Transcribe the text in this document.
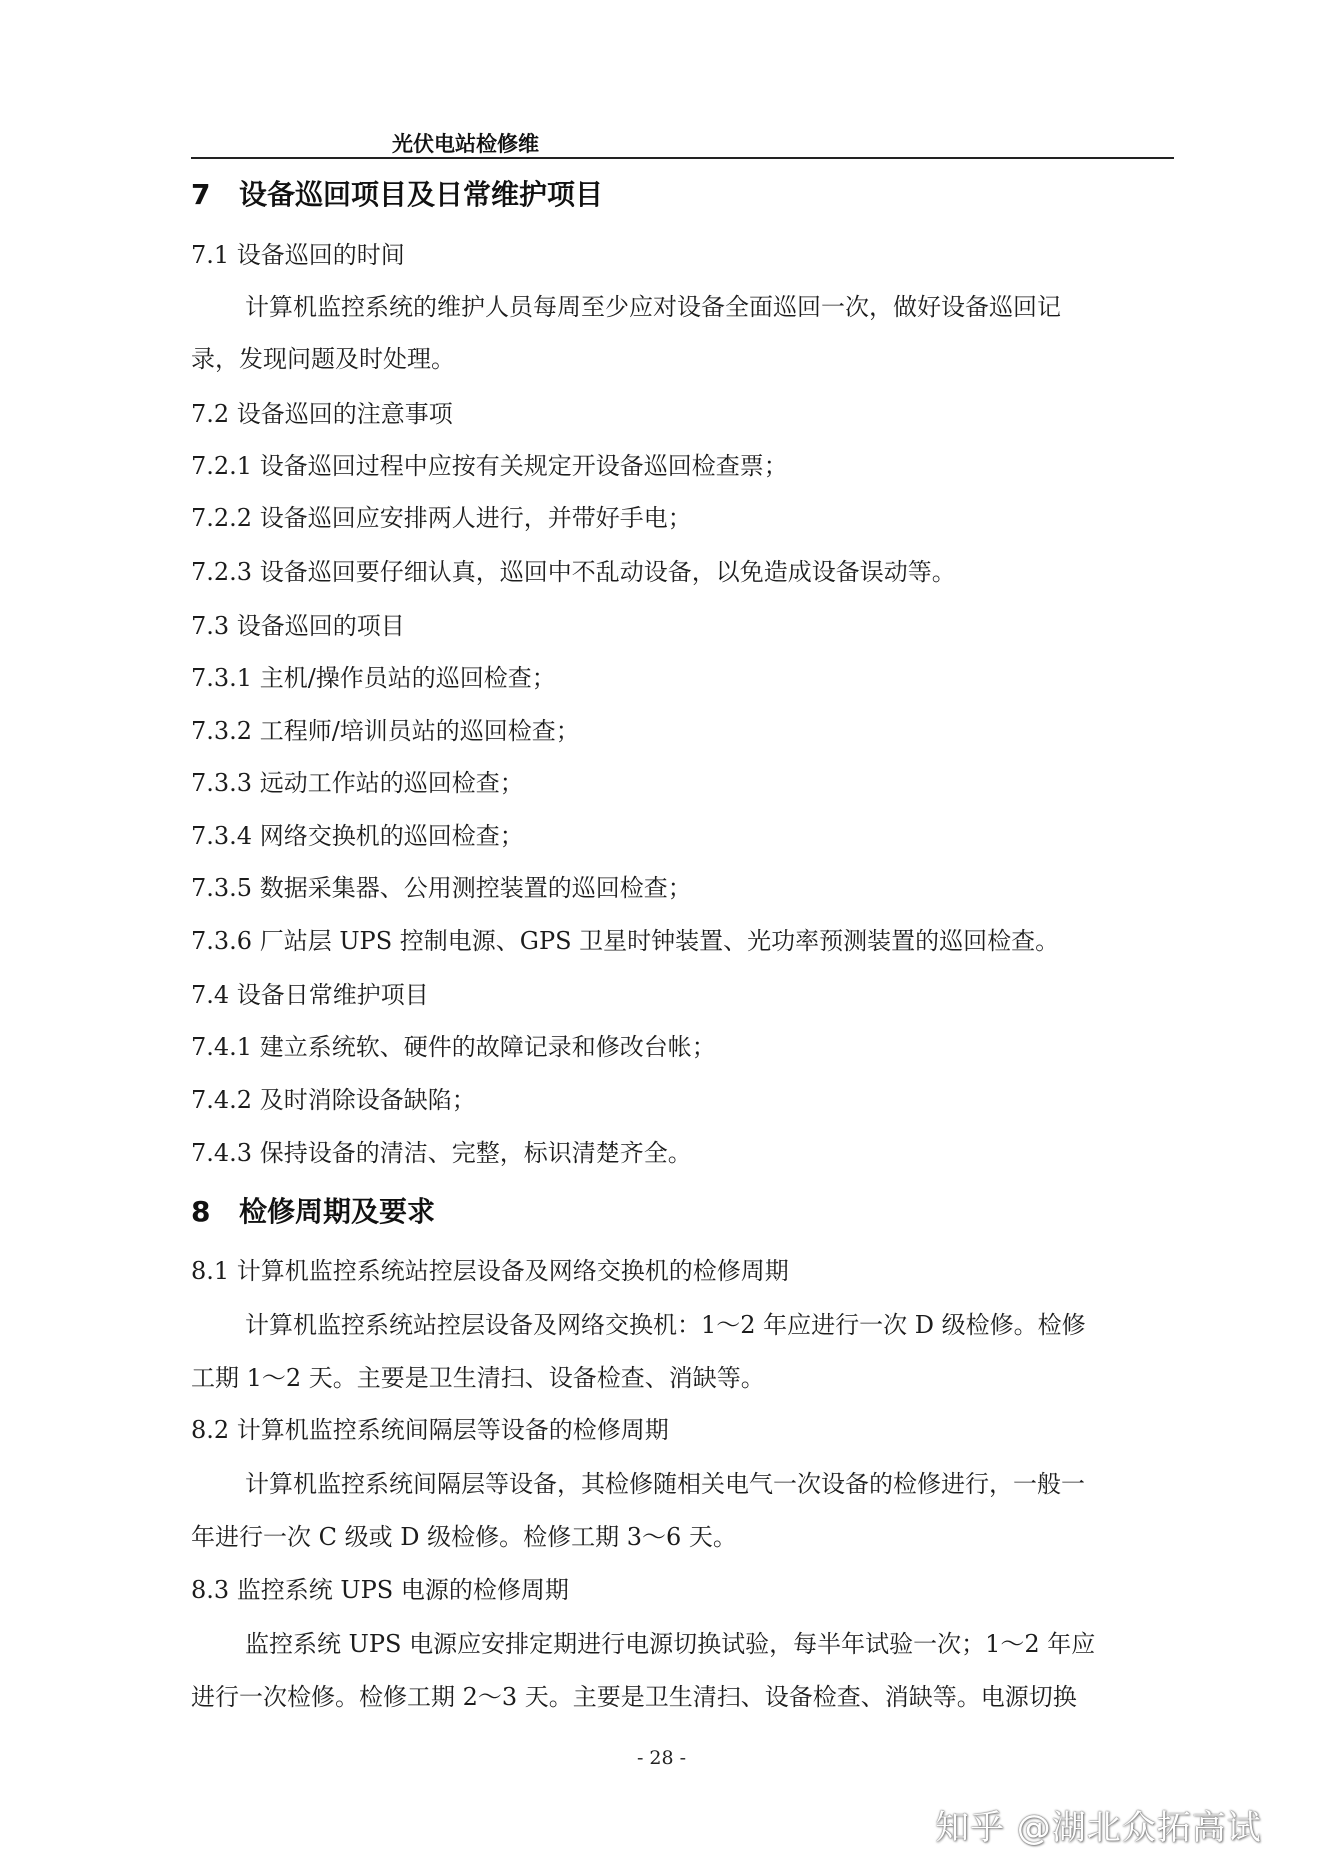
光伏电站检修维
7 设备巡回项目及日常维护项目
7.1 设备巡回的时间
计算机监控系统的维护人员每周至少应对设备全面巡回一次，做好设备巡回记
录，发现问题及时处理。
7.2 设备巡回的注意事项
7.2.1 设备巡回过程中应按有关规定开设备巡回检查票；
7.2.2 设备巡回应安排两人进行，并带好手电；
7.2.3 设备巡回要仔细认真，巡回中不乱动设备，以免造成设备误动等。
7.3 设备巡回的项目
7.3.1 主机/操作员站的巡回检查；
7.3.2 工程师/培训员站的巡回检查；
7.3.3 远动工作站的巡回检查；
7.3.4 网络交换机的巡回检查；
7.3.5 数据采集器、公用测控装置的巡回检查；
7.3.6 厂站层 UPS 控制电源、GPS 卫星时钟装置、光功率预测装置的巡回检查。
7.4 设备日常维护项目
7.4.1 建立系统软、硬件的故障记录和修改台帐；
7.4.2 及时消除设备缺陷；
7.4.3 保持设备的清洁、完整，标识清楚齐全。
8 检修周期及要求
8.1 计算机监控系统站控层设备及网络交换机的检修周期
计算机监控系统站控层设备及网络交换机：1～2 年应进行一次 D 级检修。检修
工期 1～2 天。主要是卫生清扫、设备检查、消缺等。
8.2 计算机监控系统间隔层等设备的检修周期
计算机监控系统间隔层等设备，其检修随相关电气一次设备的检修进行，一般一
年进行一次 C 级或 D 级检修。检修工期 3～6 天。
8.3 监控系统 UPS 电源的检修周期
监控系统 UPS 电源应安排定期进行电源切换试验，每半年试验一次；1～2 年应
进行一次检修。检修工期 2～3 天。主要是卫生清扫、设备检查、消缺等。电源切换
- 28 -
知乎 @湖北众拓高试
